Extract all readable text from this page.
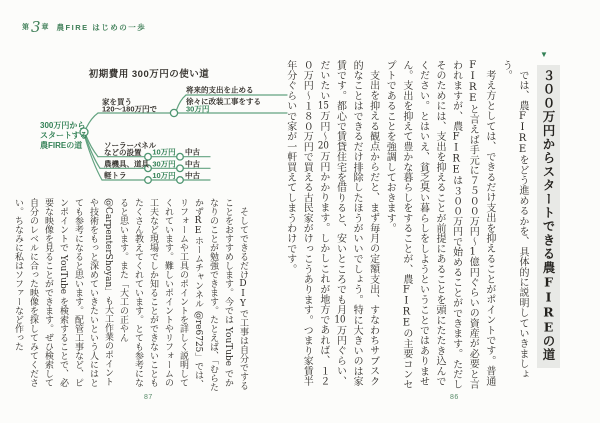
第 3 章 農FIRE はじめの一歩
初期費用 300万円の使い道
300万円から
スタートする
農FIREの道
家を買う
120〜180万円で
将来的支出を止める
徐々に改装工事をする
30万円
ソーラーパネル
などの設置 10万円 中古
農機具、道具 30万円 中古
軽トラ	10万円 中古

そしてできるだけDIYで工事は自分ですることをおすすめします。今では YouTube でかなりのことが勉強できます。たとえば、「むらたかずREホームチャンネル @re6725」では、リフォームや工具のポイントを詳しく説明してくれています。難しいポイントやリフォームの工夫など現場でしか知ることができないこともたくさん教えてくれています。とても参考になると思います。また「大工の正やん @CarpenterShoyan」も大工作業のポイントや技術をもっと深めていきたいという人にはとても参考になると思います。配管工事など、ピンポイントで YouTube を検索することで、必要な映像を見ることができます。ぜひ検索して自分のレベルに合った映像を探してみてください。ちなみに私はソファーなど作った

87
▼
３００万円からスタートできる農FIREの道

では、農FIREをどう進めるかを、具体的に説明していきましょう。

考え方としては、できるだけ支出を抑えることがポイントです。普通FIREと言えば手元に７５００万円〜1億円ぐらいの資産が必要と言われますが、農FIREは３００万円で始めることができます。ただしそのためには、支出を抑えることが前提にあることを頭にたたき込んでください。とはいえ、貧乏臭い暮らしをしようということではありません。支出を抑えて豊かな暮らしをすることが、農FIREの主要コンセプトであることを強調しておきます。

支出を抑える観点からだと、まず毎月の定額支出、すなわちサブスク的なことはできるだけ排除したほうがいいでしょう。特に大きいのは家賃です。都心で賃貸住宅を借りると、安いところでも月10万円ぐらい、だいたい15万円〜20万円かかります。しかしこれが地方であれば、１２０万円〜１８０万円で買える古民家がけっこうあります。つまり家賃半年分ぐらいで家が一軒買えてしまうわけです。

86
